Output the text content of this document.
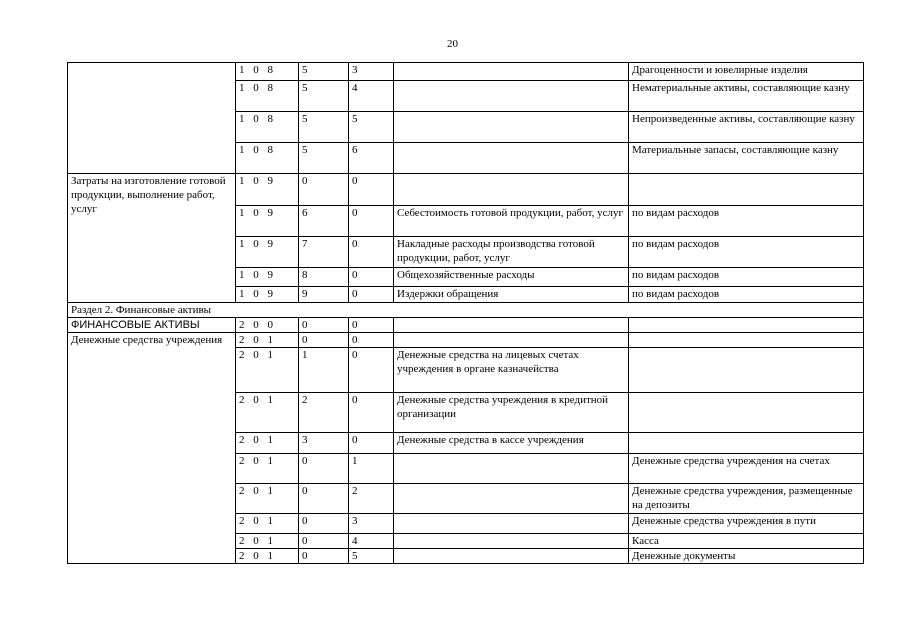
20
	1 0 8	5	3		Драгоценности и ювелирные изделия
	1 0 8	5	4		Нематериальные активы, составляющие казну
	1 0 8	5	5		Непроизведенные активы, составляющие казну
	1 0 8	5	6		Материальные запасы, составляющие казну
Затраты на изготовление готовой продукции, выполнение работ, услуг	1 0 9	0	0		
	1 0 9	6	0	Себестоимость готовой продукции, работ, услуг	по видам расходов
	1 0 9	7	0	Накладные расходы производства готовой продукции, работ, услуг	по видам расходов
	1 0 9	8	0	Общехозяйственные расходы	по видам расходов
	1 0 9	9	0	Издержки обращения	по видам расходов
Раздел 2. Финансовые активы					
ФИНАНСОВЫЕ АКТИВЫ	2 0 0	0	0		
Денежные средства учреждения	2 0 1	0	0		
	2 0 1	1	0	Денежные средства на лицевых счетах учреждения в органе казначейства	
	2 0 1	2	0	Денежные средства учреждения в кредитной организации	
	2 0 1	3	0	Денежные средства в кассе учреждения	
	2 0 1	0	1		Денежные средства учреждения на счетах
	2 0 1	0	2		Денежные средства учреждения, размещенные на депозиты
	2 0 1	0	3		Денежные средства учреждения в пути
	2 0 1	0	4		Касса
	2 0 1	0	5		Денежные документы
